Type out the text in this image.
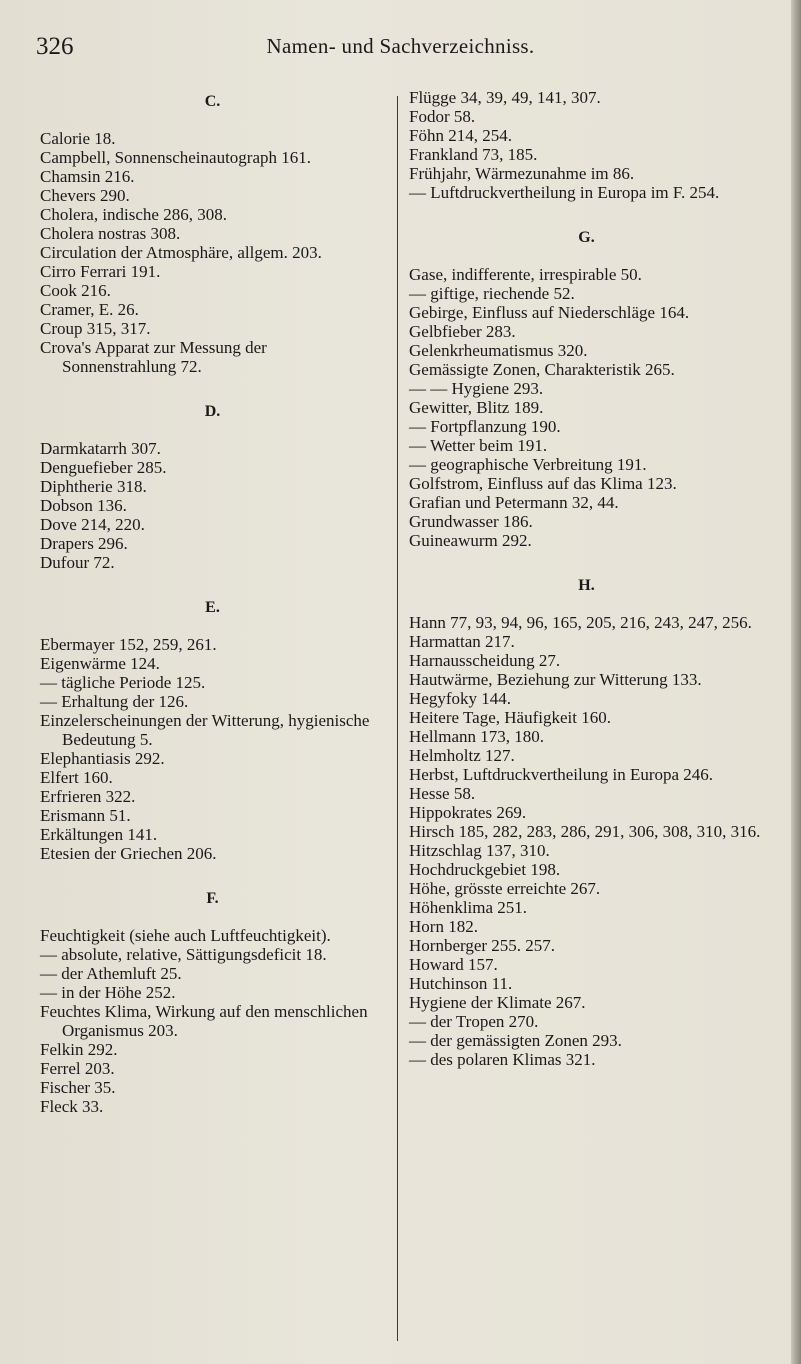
326	Namen- und Sachverzeichniss.
C.
Calorie 18.
Campbell, Sonnenscheinautograph 161.
Chamsin 216.
Chevers 290.
Cholera, indische 286, 308.
Cholera nostras 308.
Circulation der Atmosphäre, allgem. 203.
Cirro Ferrari 191.
Cook 216.
Cramer, E. 26.
Croup 315, 317.
Crova's Apparat zur Messung der Sonnenstrahlung 72.
D.
Darmkatarrh 307.
Denguefieber 285.
Diphtherie 318.
Dobson 136.
Dove 214, 220.
Drapers 296.
Dufour 72.
E.
Ebermayer 152, 259, 261.
Eigenwärme 124.
— tägliche Periode 125.
— Erhaltung der 126.
Einzelerscheinungen der Witterung, hygienische Bedeutung 5.
Elephantiasis 292.
Elfert 160.
Erfrieren 322.
Erismann 51.
Erkältungen 141.
Etesien der Griechen 206.
F.
Feuchtigkeit (siehe auch Luftfeuchtigkeit).
— absolute, relative, Sättigungsdeficit 18.
— der Athemluft 25.
— in der Höhe 252.
Feuchtes Klima, Wirkung auf den menschlichen Organismus 203.
Felkin 292.
Ferrel 203.
Fischer 35.
Fleck 33.
Flügge 34, 39, 49, 141, 307.
Fodor 58.
Föhn 214, 254.
Frankland 73, 185.
Frühjahr, Wärmezunahme im 86.
— Luftdruckvertheilung in Europa im F. 254.
G.
Gase, indifferente, irrespirable 50.
— giftige, riechende 52.
Gebirge, Einfluss auf Niederschläge 164.
Gelbfieber 283.
Gelenkrheumatismus 320.
Gemässigte Zonen, Charakteristik 265.
— — Hygiene 293.
Gewitter, Blitz 189.
— Fortpflanzung 190.
— Wetter beim 191.
— geographische Verbreitung 191.
Golfstrom, Einfluss auf das Klima 123.
Grafian und Petermann 32, 44.
Grundwasser 186.
Guineawurm 292.
H.
Hann 77, 93, 94, 96, 165, 205, 216, 243, 247, 256.
Harmattan 217.
Harnausscheidung 27.
Hautwärme, Beziehung zur Witterung 133.
Hegyfoky 144.
Heitere Tage, Häufigkeit 160.
Hellmann 173, 180.
Helmholtz 127.
Herbst, Luftdruckvertheilung in Europa 246.
Hesse 58.
Hippokrates 269.
Hirsch 185, 282, 283, 286, 291, 306, 308, 310, 316.
Hitzschlag 137, 310.
Hochdruckgebiet 198.
Höhe, grösste erreichte 267.
Höhenklima 251.
Horn 182.
Hornberger 255. 257.
Howard 157.
Hutchinson 11.
Hygiene der Klimate 267.
— der Tropen 270.
— der gemässigten Zonen 293.
— des polaren Klimas 321.
